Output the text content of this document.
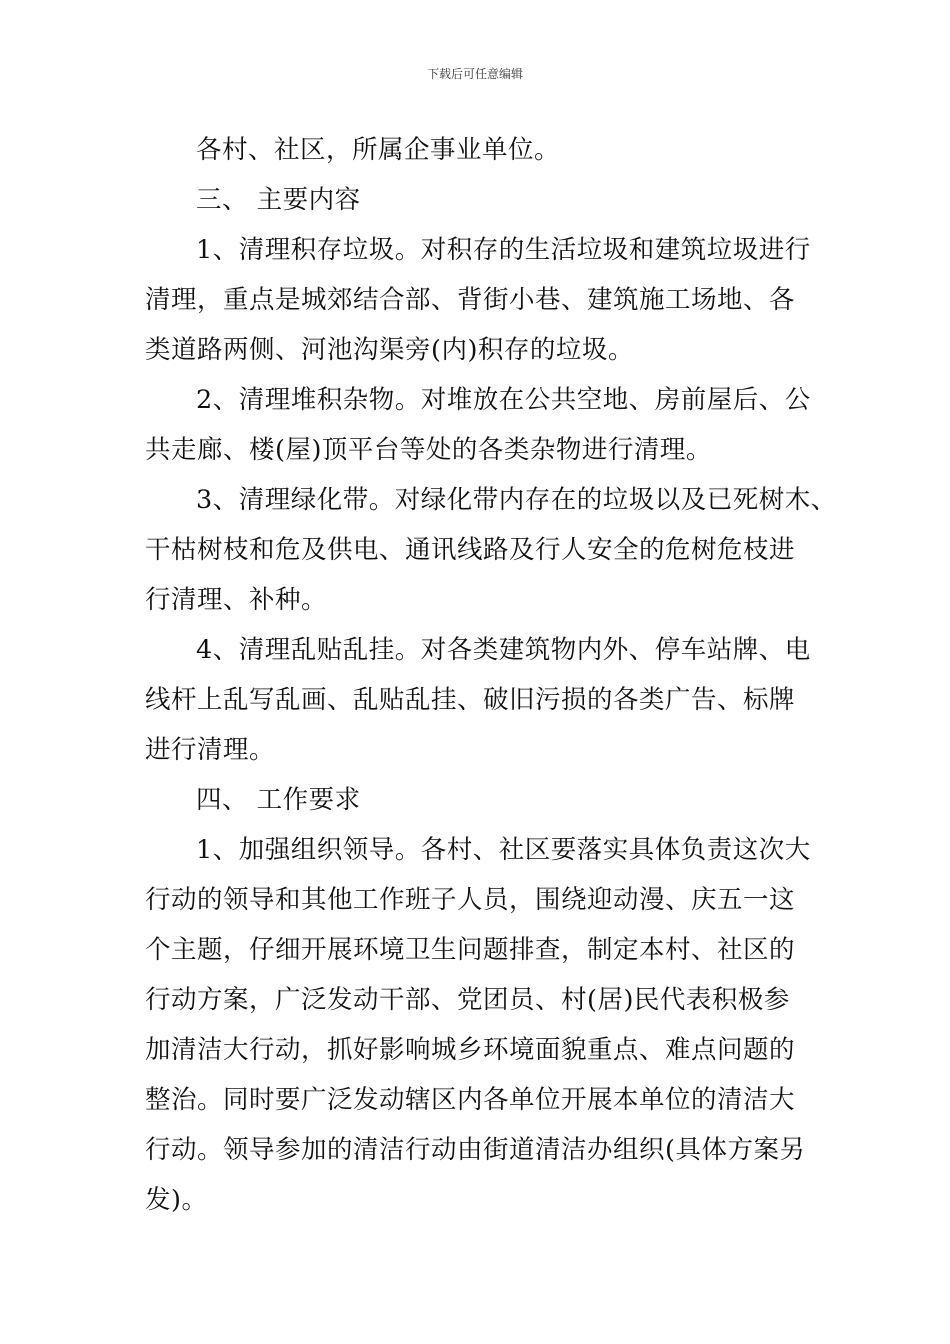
下载后可任意编辑
各村、社区，所属企事业单位。
三、 主要内容
1、清理积存垃圾。对积存的生活垃圾和建筑垃圾进行
清理，重点是城郊结合部、背街小巷、建筑施工场地、各
类道路两侧、河池沟渠旁(内)积存的垃圾。
2、清理堆积杂物。对堆放在公共空地、房前屋后、公
共走廊、楼(屋)顶平台等处的各类杂物进行清理。
3、清理绿化带。对绿化带内存在的垃圾以及已死树木、
干枯树枝和危及供电、通讯线路及行人安全的危树危枝进
行清理、补种。
4、清理乱贴乱挂。对各类建筑物内外、停车站牌、电
线杆上乱写乱画、乱贴乱挂、破旧污损的各类广告、标牌
进行清理。
四、 工作要求
1、加强组织领导。各村、社区要落实具体负责这次大
行动的领导和其他工作班子人员，围绕迎动漫、庆五一这
个主题，仔细开展环境卫生问题排查，制定本村、社区的
行动方案，广泛发动干部、党团员、村(居)民代表积极参
加清洁大行动，抓好影响城乡环境面貌重点、难点问题的
整治。同时要广泛发动辖区内各单位开展本单位的清洁大
行动。领导参加的清洁行动由街道清洁办组织(具体方案另
发)。
